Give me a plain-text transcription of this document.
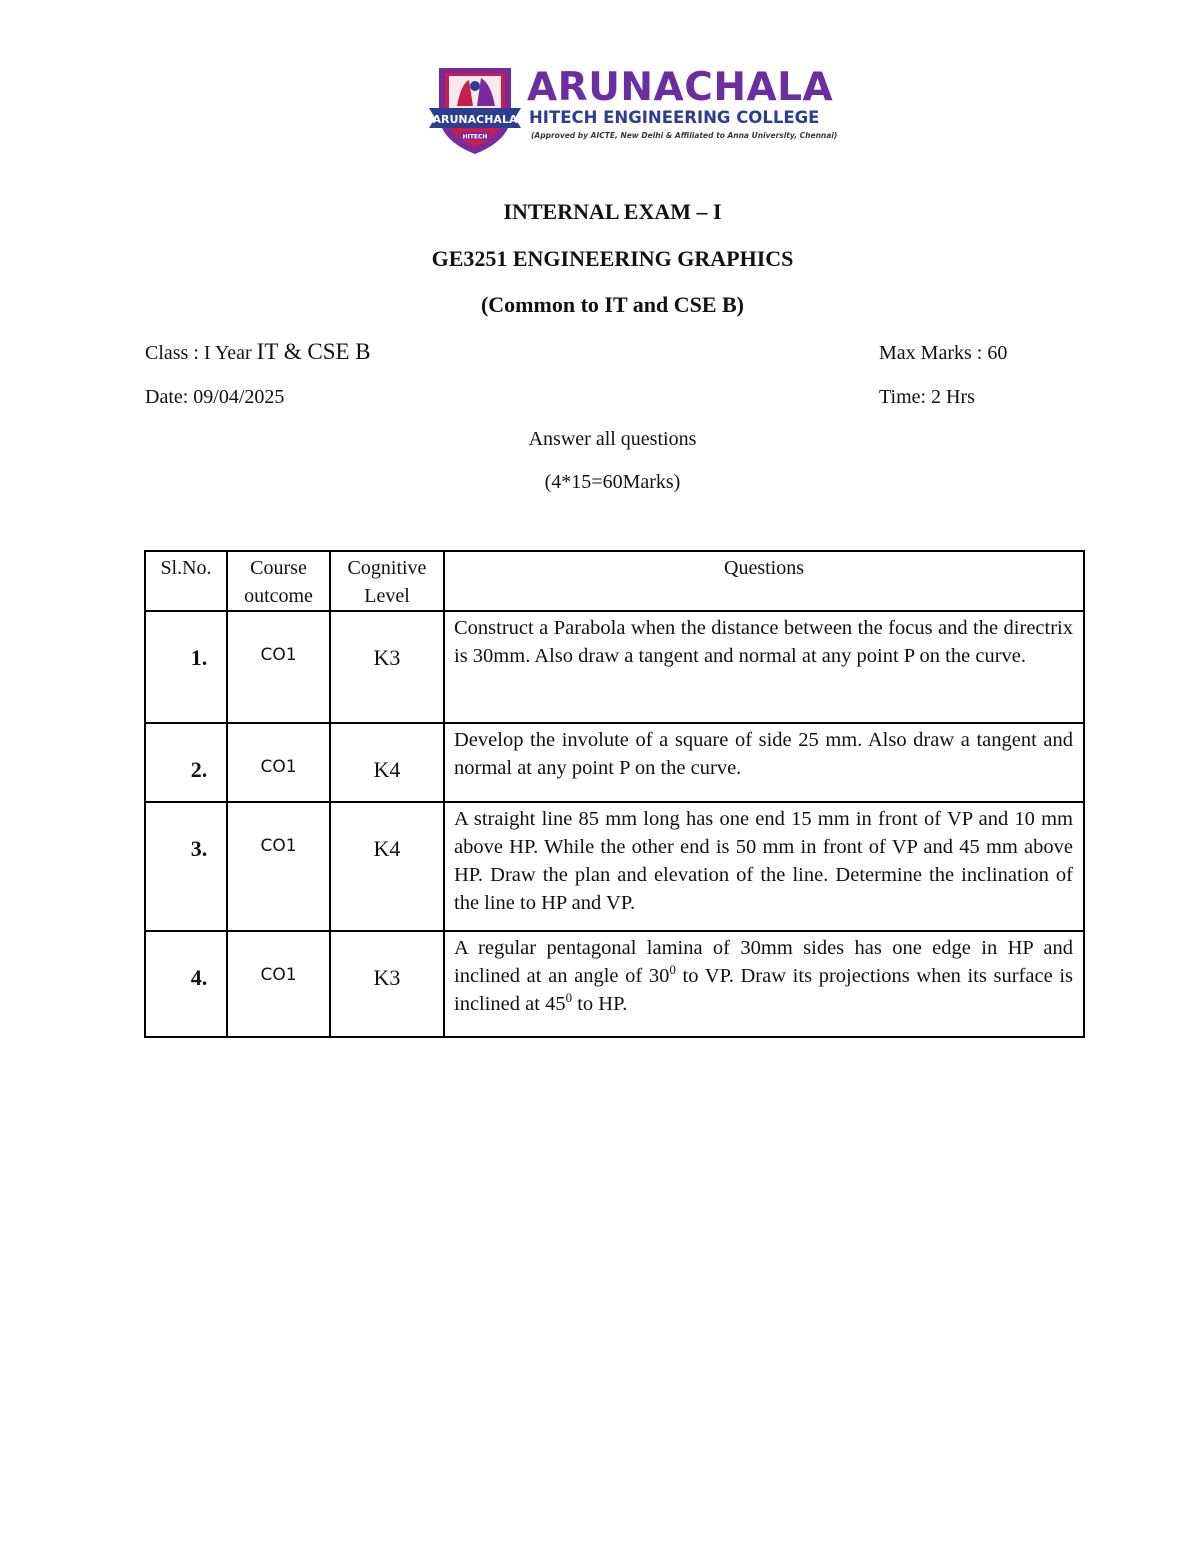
ARUNACHALA
HITECH
ARUNACHALA
HITECH ENGINEERING COLLEGE
(Approved by AICTE, New Delhi & Affiliated to Anna University, Chennai)
INTERNAL EXAM – I
GE3251 ENGINEERING GRAPHICS
(Common to IT and CSE B)
Class : I Year IT & CSE B	Max Marks : 60
Date: 09/04/2025	Time: 2 Hrs
Answer all questions
(4*15=60Marks)
Sl.No.	Course outcome	Cognitive Level	Questions
1.	CO1	K3	Construct a Parabola when the distance between the focus and the directrix is 30mm. Also draw a tangent and normal at any point P on the curve.
2.	CO1	K4	Develop the involute of a square of side 25 mm. Also draw a tangent and normal at any point P on the curve.
3.	CO1	K4	A straight line 85 mm long has one end 15 mm in front of VP and 10 mm above HP. While the other end is 50 mm in front of VP and 45 mm above HP. Draw the plan and elevation of the line. Determine the inclination of the line to HP and VP.
4.	CO1	K3	A regular pentagonal lamina of 30mm sides has one edge in HP and inclined at an angle of $30^0$ to VP. Draw its projections when its surface is inclined at $45^0$ to HP.
